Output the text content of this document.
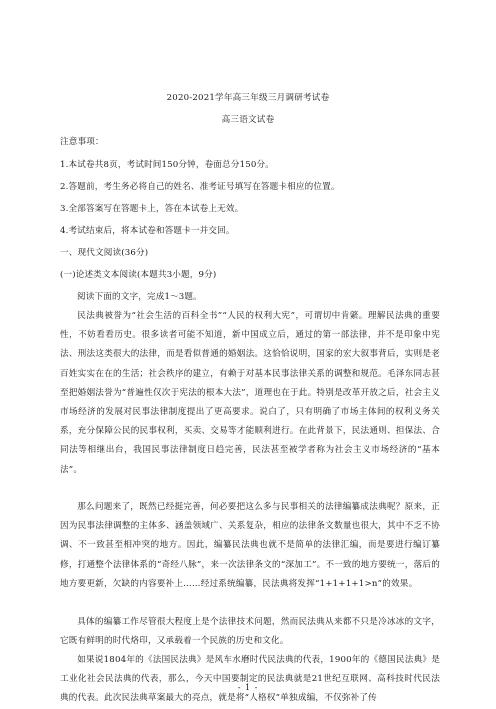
2020-2021学年高三年级三月调研考试卷
高三语文试卷
注意事项：
1.本试卷共8页，考试时间150分钟，卷面总分150分。
2.答题前，考生务必将自己的姓名、准考证号填写在答题卡相应的位置。
3.全部答案写在答题卡上，答在本试卷上无效。
4.考试结束后，将本试卷和答题卡一并交回。
一、现代文阅读(36分)
(一)论述类文本阅读(本题共3小题，9分)
阅读下面的文字，完成1～3题。
民法典被誉为“社会生活的百科全书”“人民的权利大宪”，可谓切中肯綮。理解民法典的重要性，不妨看看历史。很多读者可能不知道，新中国成立后，通过的第一部法律，并不是印象中宪法、刑法这类很大的法律，而是看似普通的婚姻法。这恰恰说明，国家的宏大叙事背后，实则是老百姓实实在在的生活；社会秩序的建立，有赖于对基本民事法律关系的调整和规范。毛泽东同志甚至把婚姻法誉为“普遍性仅次于宪法的根本大法”，道理也在于此。特别是改革开放之后，社会主义市场经济的发展对民事法律制度提出了更高要求。说白了，只有明确了市场主体间的权利义务关系，充分保障公民的民事权利，买卖、交易等才能顺利进行。在此背景下，民法通则、担保法、合同法等相继出台，我国民事法律制度日趋完善，民法甚至被学者称为社会主义市场经济的“基本法”。
那么问题来了，既然已经挺完善，何必要把这么多与民事相关的法律编纂成法典呢？原来，正因为民事法律调整的主体多、涵盖领域广、关系复杂，相应的法律条文数量也很大，其中不乏不协调、不一致甚至相冲突的地方。因此，编纂民法典也就不是简单的法律汇编，而是要进行编订纂修，打通整个法律体系的“奇经八脉”，来一次法律条文的“深加工”。不一致的地方要统一，落后的地方要更新，欠缺的内容要补上……经过系统编纂，民法典将发挥“1+1+1+1>n”的效果。
具体的编纂工作尽管很大程度上是个法律技术问题，然而民法典从来都不只是冷冰冰的文字，它既有鲜明的时代烙印，又承载着一个民族的历史和文化。
如果说1804年的《法国民法典》是风车水磨时代民法典的代表，1900年的《德国民法典》是工业化社会民法典的代表，那么，今天中国要制定的民法典就是21世纪互联网、高科技时代民法典的代表。此次民法典草案最大的亮点，就是将“人格权”单独成编，不仅弥补了传
- 1 -
